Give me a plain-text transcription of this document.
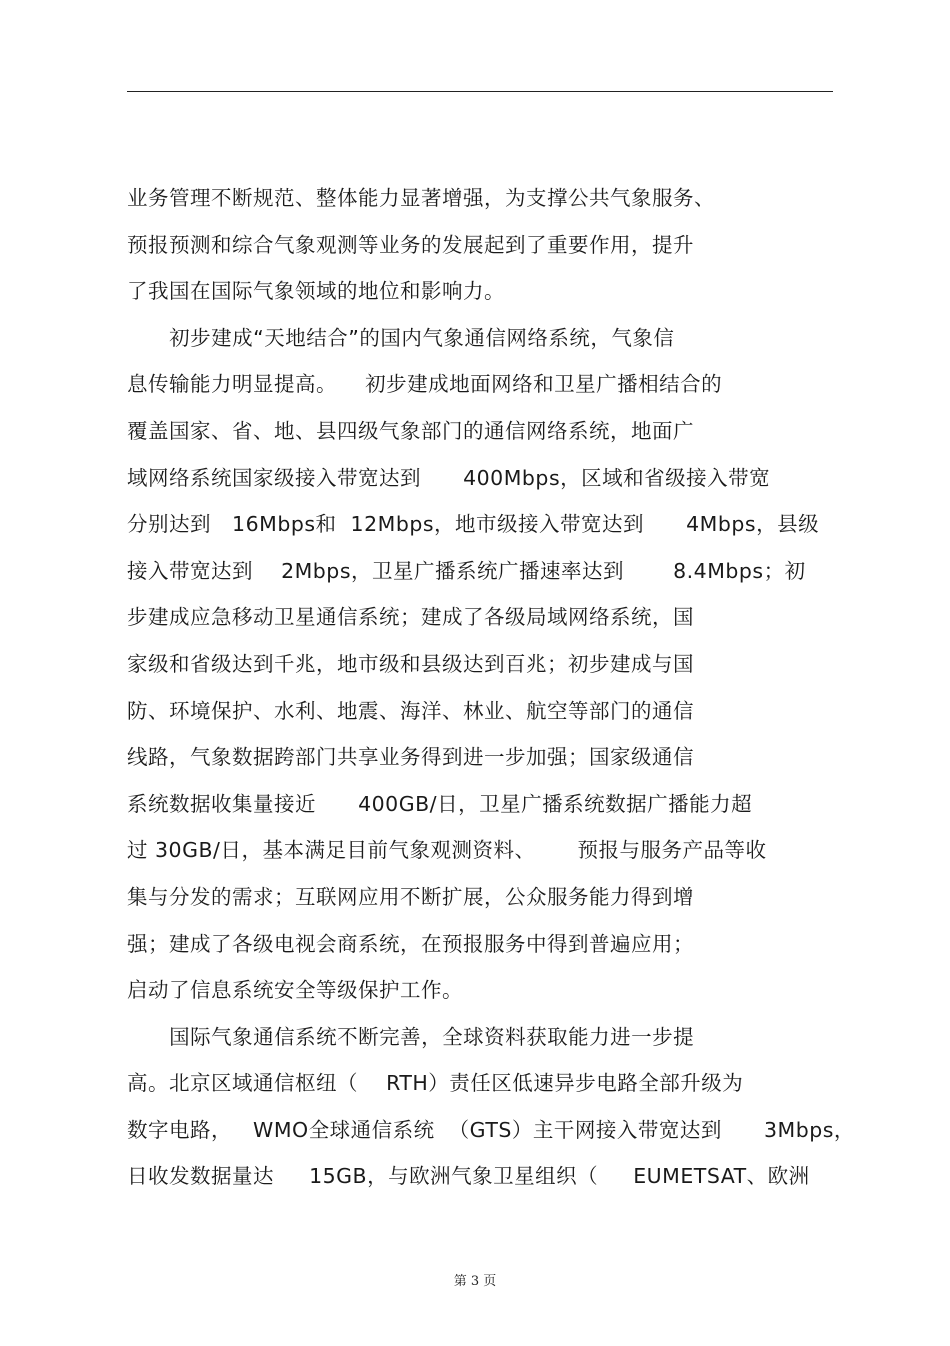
业务管理不断规范、整体能力显著增强，为支撑公共气象服务、
预报预测和综合气象观测等业务的发展起到了重要作用，提升
了我国在国际气象领域的地位和影响力。
初步建成“天地结合”的国内气象通信网络系统，气象信
息传输能力明显提高。    初步建成地面网络和卫星广播相结合的
覆盖国家、省、地、县四级气象部门的通信网络系统，地面广
域网络系统国家级接入带宽达到      400Mbps，区域和省级接入带宽
分别达到   16Mbps和  12Mbps，地市级接入带宽达到      4Mbps，县级
接入带宽达到    2Mbps，卫星广播系统广播速率达到       8.4Mbps；初
步建成应急移动卫星通信系统；建成了各级局域网络系统，国
家级和省级达到千兆，地市级和县级达到百兆；初步建成与国
防、环境保护、水利、地震、海洋、林业、航空等部门的通信
线路，气象数据跨部门共享业务得到进一步加强；国家级通信
系统数据收集量接近      400GB/日，卫星广播系统数据广播能力超
过 30GB/日，基本满足目前气象观测资料、      预报与服务产品等收
集与分发的需求；互联网应用不断扩展，公众服务能力得到增
强；建成了各级电视会商系统，在预报服务中得到普遍应用；
启动了信息系统安全等级保护工作。
国际气象通信系统不断完善，全球资料获取能力进一步提
高。北京区域通信枢纽（    RTH）责任区低速异步电路全部升级为
数字电路，   WMO全球通信系统  （GTS）主干网接入带宽达到      3Mbps，
日收发数据量达     15GB，与欧洲气象卫星组织（     EUMETSAT、欧洲
第 3 页
